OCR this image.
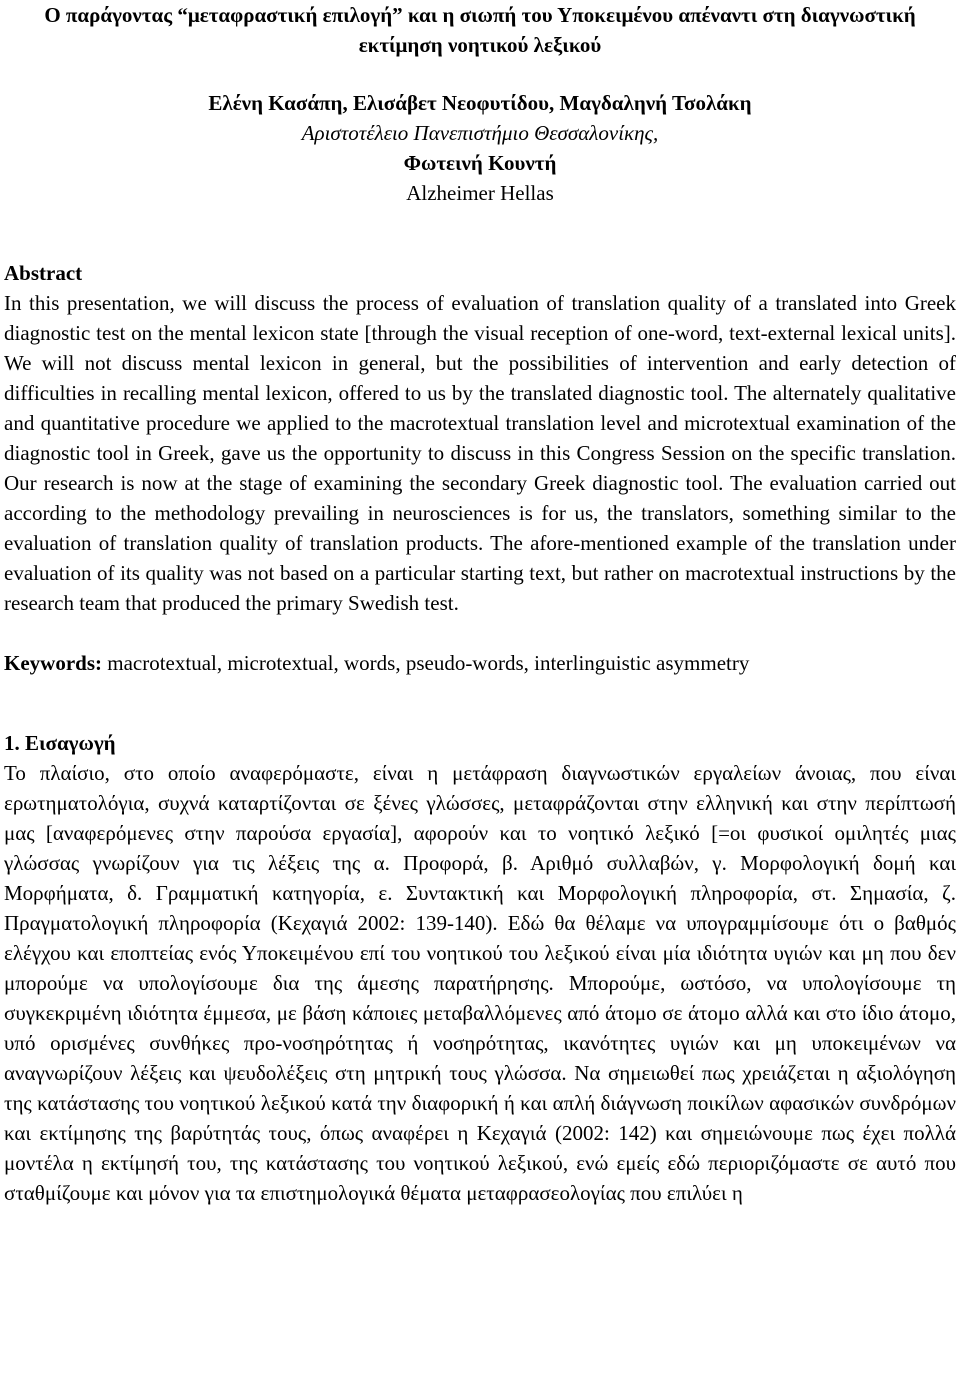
Ο παράγοντας “μεταφραστική επιλογή” και η σιωπή του Υποκειμένου απέναντι στη διαγνωστική εκτίμηση νοητικού λεξικού
Ελένη Κασάπη, Ελισάβετ Νεοφυτίδου, Μαγδαληνή Τσολάκη
Αριστοτέλειο Πανεπιστήμιο Θεσσαλονίκης,
Φωτεινή Κουντή
Alzheimer Hellas

Abstract

In this presentation, we will discuss the process of evaluation of translation quality of a translated into Greek diagnostic test on the mental lexicon state [through the visual reception of one-word, text-external lexical units]. We will not discuss mental lexicon in general, but the possibilities of intervention and early detection of difficulties in recalling mental lexicon, offered to us by the translated diagnostic tool. The alternately qualitative and quantitative procedure we applied to the macrotextual translation level and microtextual examination of the diagnostic tool in Greek, gave us the opportunity to discuss in this Congress Session on the specific translation. Our research is now at the stage of examining the secondary Greek diagnostic tool. The evaluation carried out according to the methodology prevailing in neurosciences is for us, the translators, something similar to the evaluation of translation quality of translation products. The afore-mentioned example of the translation under evaluation of its quality was not based on a particular starting text, but rather on macrotextual instructions by the research team that produced the primary Swedish test.

Keywords: macrotextual, microtextual, words, pseudo-words, interlinguistic asymmetry

1. Εισαγωγή

Το πλαίσιο, στο οποίο αναφερόμαστε, είναι η μετάφραση διαγνωστικών εργαλείων άνοιας, που είναι ερωτηματολόγια, συχνά καταρτίζονται σε ξένες γλώσσες, μεταφράζονται στην ελληνική και στην περίπτωσή μας [αναφερόμενες στην παρούσα εργασία], αφορούν και το νοητικό λεξικό [=οι φυσικοί ομιλητές μιας γλώσσας γνωρίζουν για τις λέξεις της α. Προφορά, β. Αριθμό συλλαβών, γ. Μορφολογική δομή και Μορφήματα, δ. Γραμματική κατηγορία, ε. Συντακτική και Μορφολογική πληροφορία, στ. Σημασία, ζ. Πραγματολογική πληροφορία (Κεχαγιά 2002: 139-140). Εδώ θα θέλαμε να υπογραμμίσουμε ότι ο βαθμός ελέγχου και εποπτείας ενός Υποκειμένου επί του νοητικού του λεξικού είναι μία ιδιότητα υγιών και μη που δεν μπορούμε να υπολογίσουμε δια της άμεσης παρατήρησης. Μπορούμε, ωστόσο, να υπολογίσουμε τη συγκεκριμένη ιδιότητα έμμεσα, με βάση κάποιες μεταβαλλόμενες από άτομο σε άτομο αλλά και στο ίδιο άτομο, υπό ορισμένες συνθήκες προ-νοσηρότητας ή νοσηρότητας, ικανότητες υγιών και μη υποκειμένων να αναγνωρίζουν λέξεις και ψευδολέξεις στη μητρική τους γλώσσα. Να σημειωθεί πως χρειάζεται η αξιολόγηση της κατάστασης του νοητικού λεξικού κατά την διαφορική ή και απλή διάγνωση ποικίλων αφασικών συνδρόμων και εκτίμησης της βαρύτητάς τους, όπως αναφέρει η Κεχαγιά (2002: 142) και σημειώνουμε πως έχει πολλά μοντέλα η εκτίμησή του, της κατάστασης του νοητικού λεξικού, ενώ εμείς εδώ περιοριζόμαστε σε αυτό που σταθμίζουμε και μόνον για τα επιστημολογικά θέματα μεταφρασεολογίας που επιλύει η
